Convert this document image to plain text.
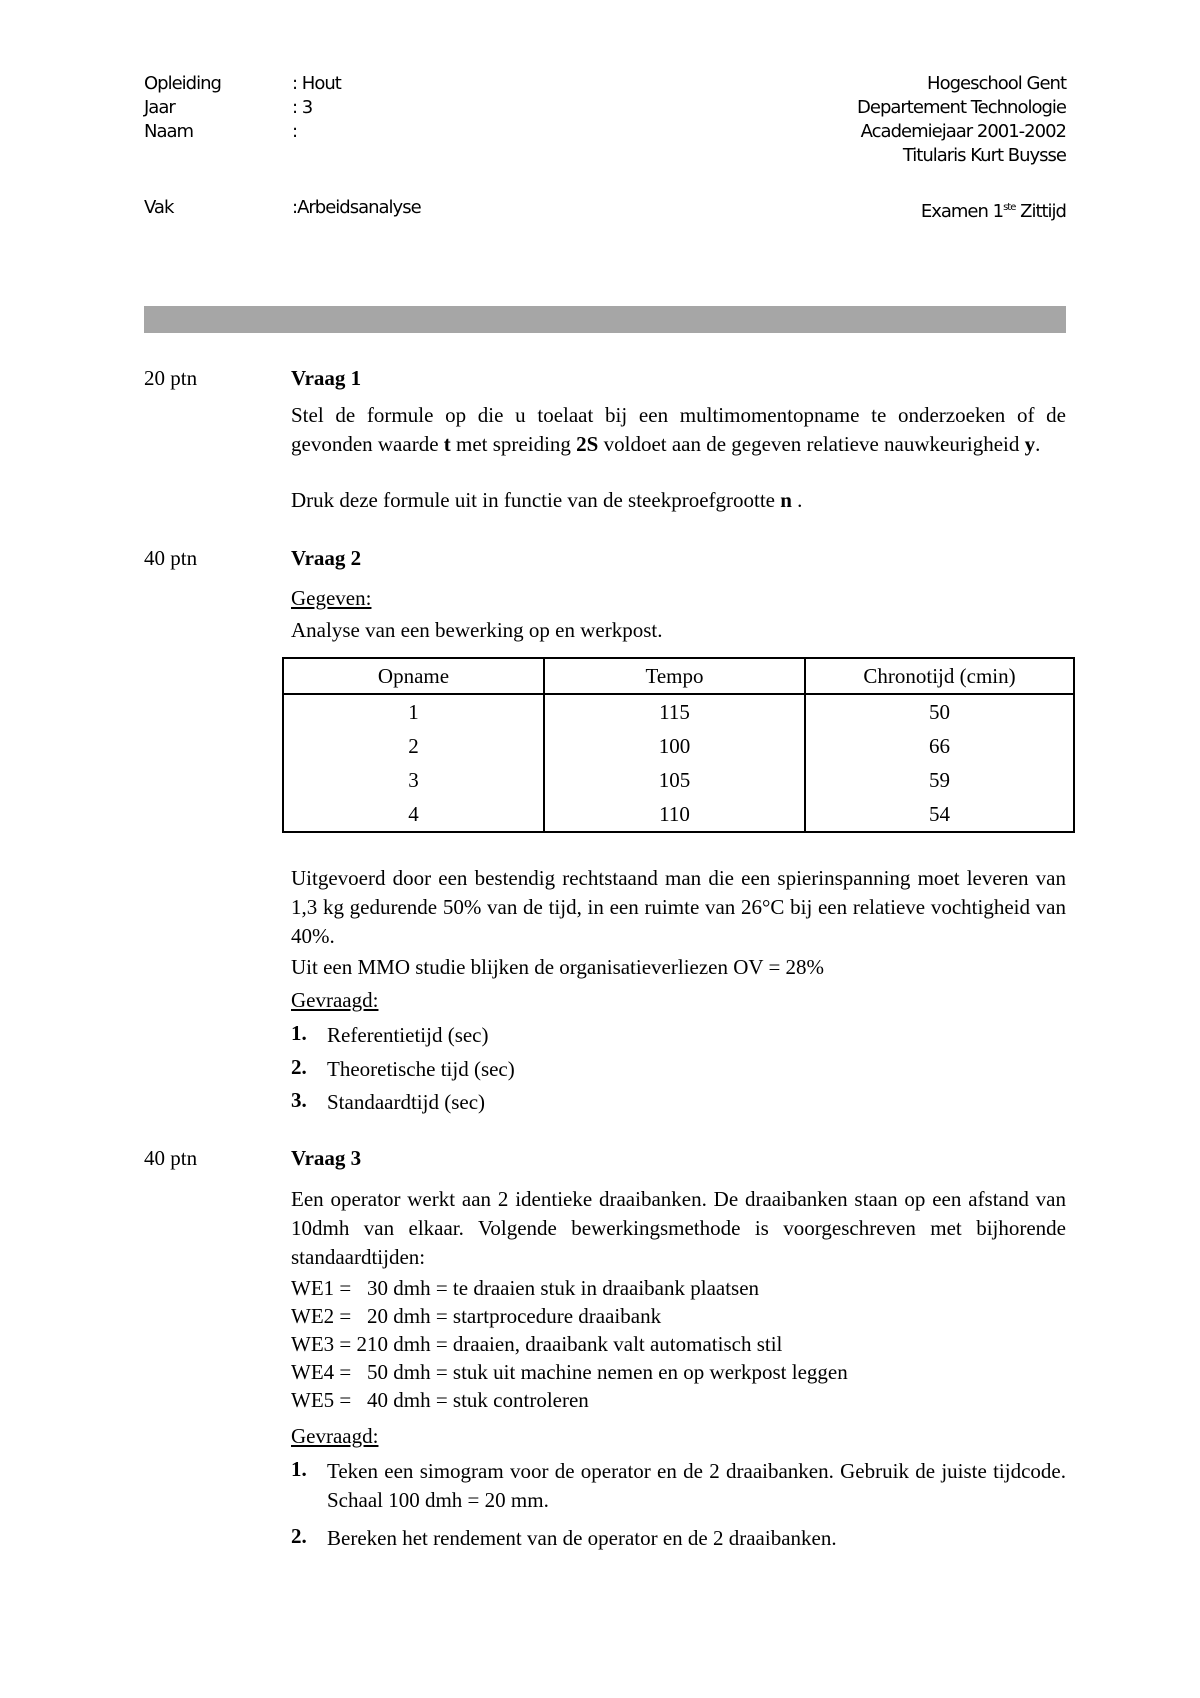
Opleiding	: Hout	Hogeschool Gent
Jaar	: 3	Departement Technologie
Naam	:	Academiejaar 2001-2002
Titularis Kurt Buysse
Vak	:Arbeidsanalyse	Examen 1ste Zittijd
20 ptn	Vraag 1
Stel de formule op die u toelaat bij een multimomentopname te onderzoeken of de gevonden waarde t met spreiding 2S voldoet aan de gegeven relatieve nauwkeurigheid y.
Druk deze formule uit in functie van de steekproefgrootte n .
40 ptn	Vraag 2
Gegeven:
Analyse van een bewerking op en werkpost.
Opname	Tempo	Chronotijd (cmin)
1	115	50
2	100	66
3	105	59
4	110	54
Uitgevoerd door een bestendig rechtstaand man die een spierinspanning moet leveren van 1,3 kg gedurende 50% van de tijd, in een ruimte van 26°C bij een relatieve vochtigheid van 40%.
Uit een MMO studie blijken de organisatieverliezen OV = 28%
Gevraagd:
1. Referentietijd (sec)
2. Theoretische tijd (sec)
3. Standaardtijd (sec)
40 ptn	Vraag 3
Een operator werkt aan 2 identieke draaibanken. De draaibanken staan op een afstand van 10dmh van elkaar. Volgende bewerkingsmethode is voorgeschreven met bijhorende standaardtijden:
WE1 =   30 dmh = te draaien stuk in draaibank plaatsen
WE2 =   20 dmh = startprocedure draaibank
WE3 = 210 dmh = draaien, draaibank valt automatisch stil
WE4 =   50 dmh = stuk uit machine nemen en op werkpost leggen
WE5 =   40 dmh = stuk controleren
Gevraagd:
1. Teken een simogram voor de operator en de 2 draaibanken. Gebruik de juiste tijdcode. Schaal 100 dmh = 20 mm.
2. Bereken het rendement van de operator en de 2 draaibanken.
